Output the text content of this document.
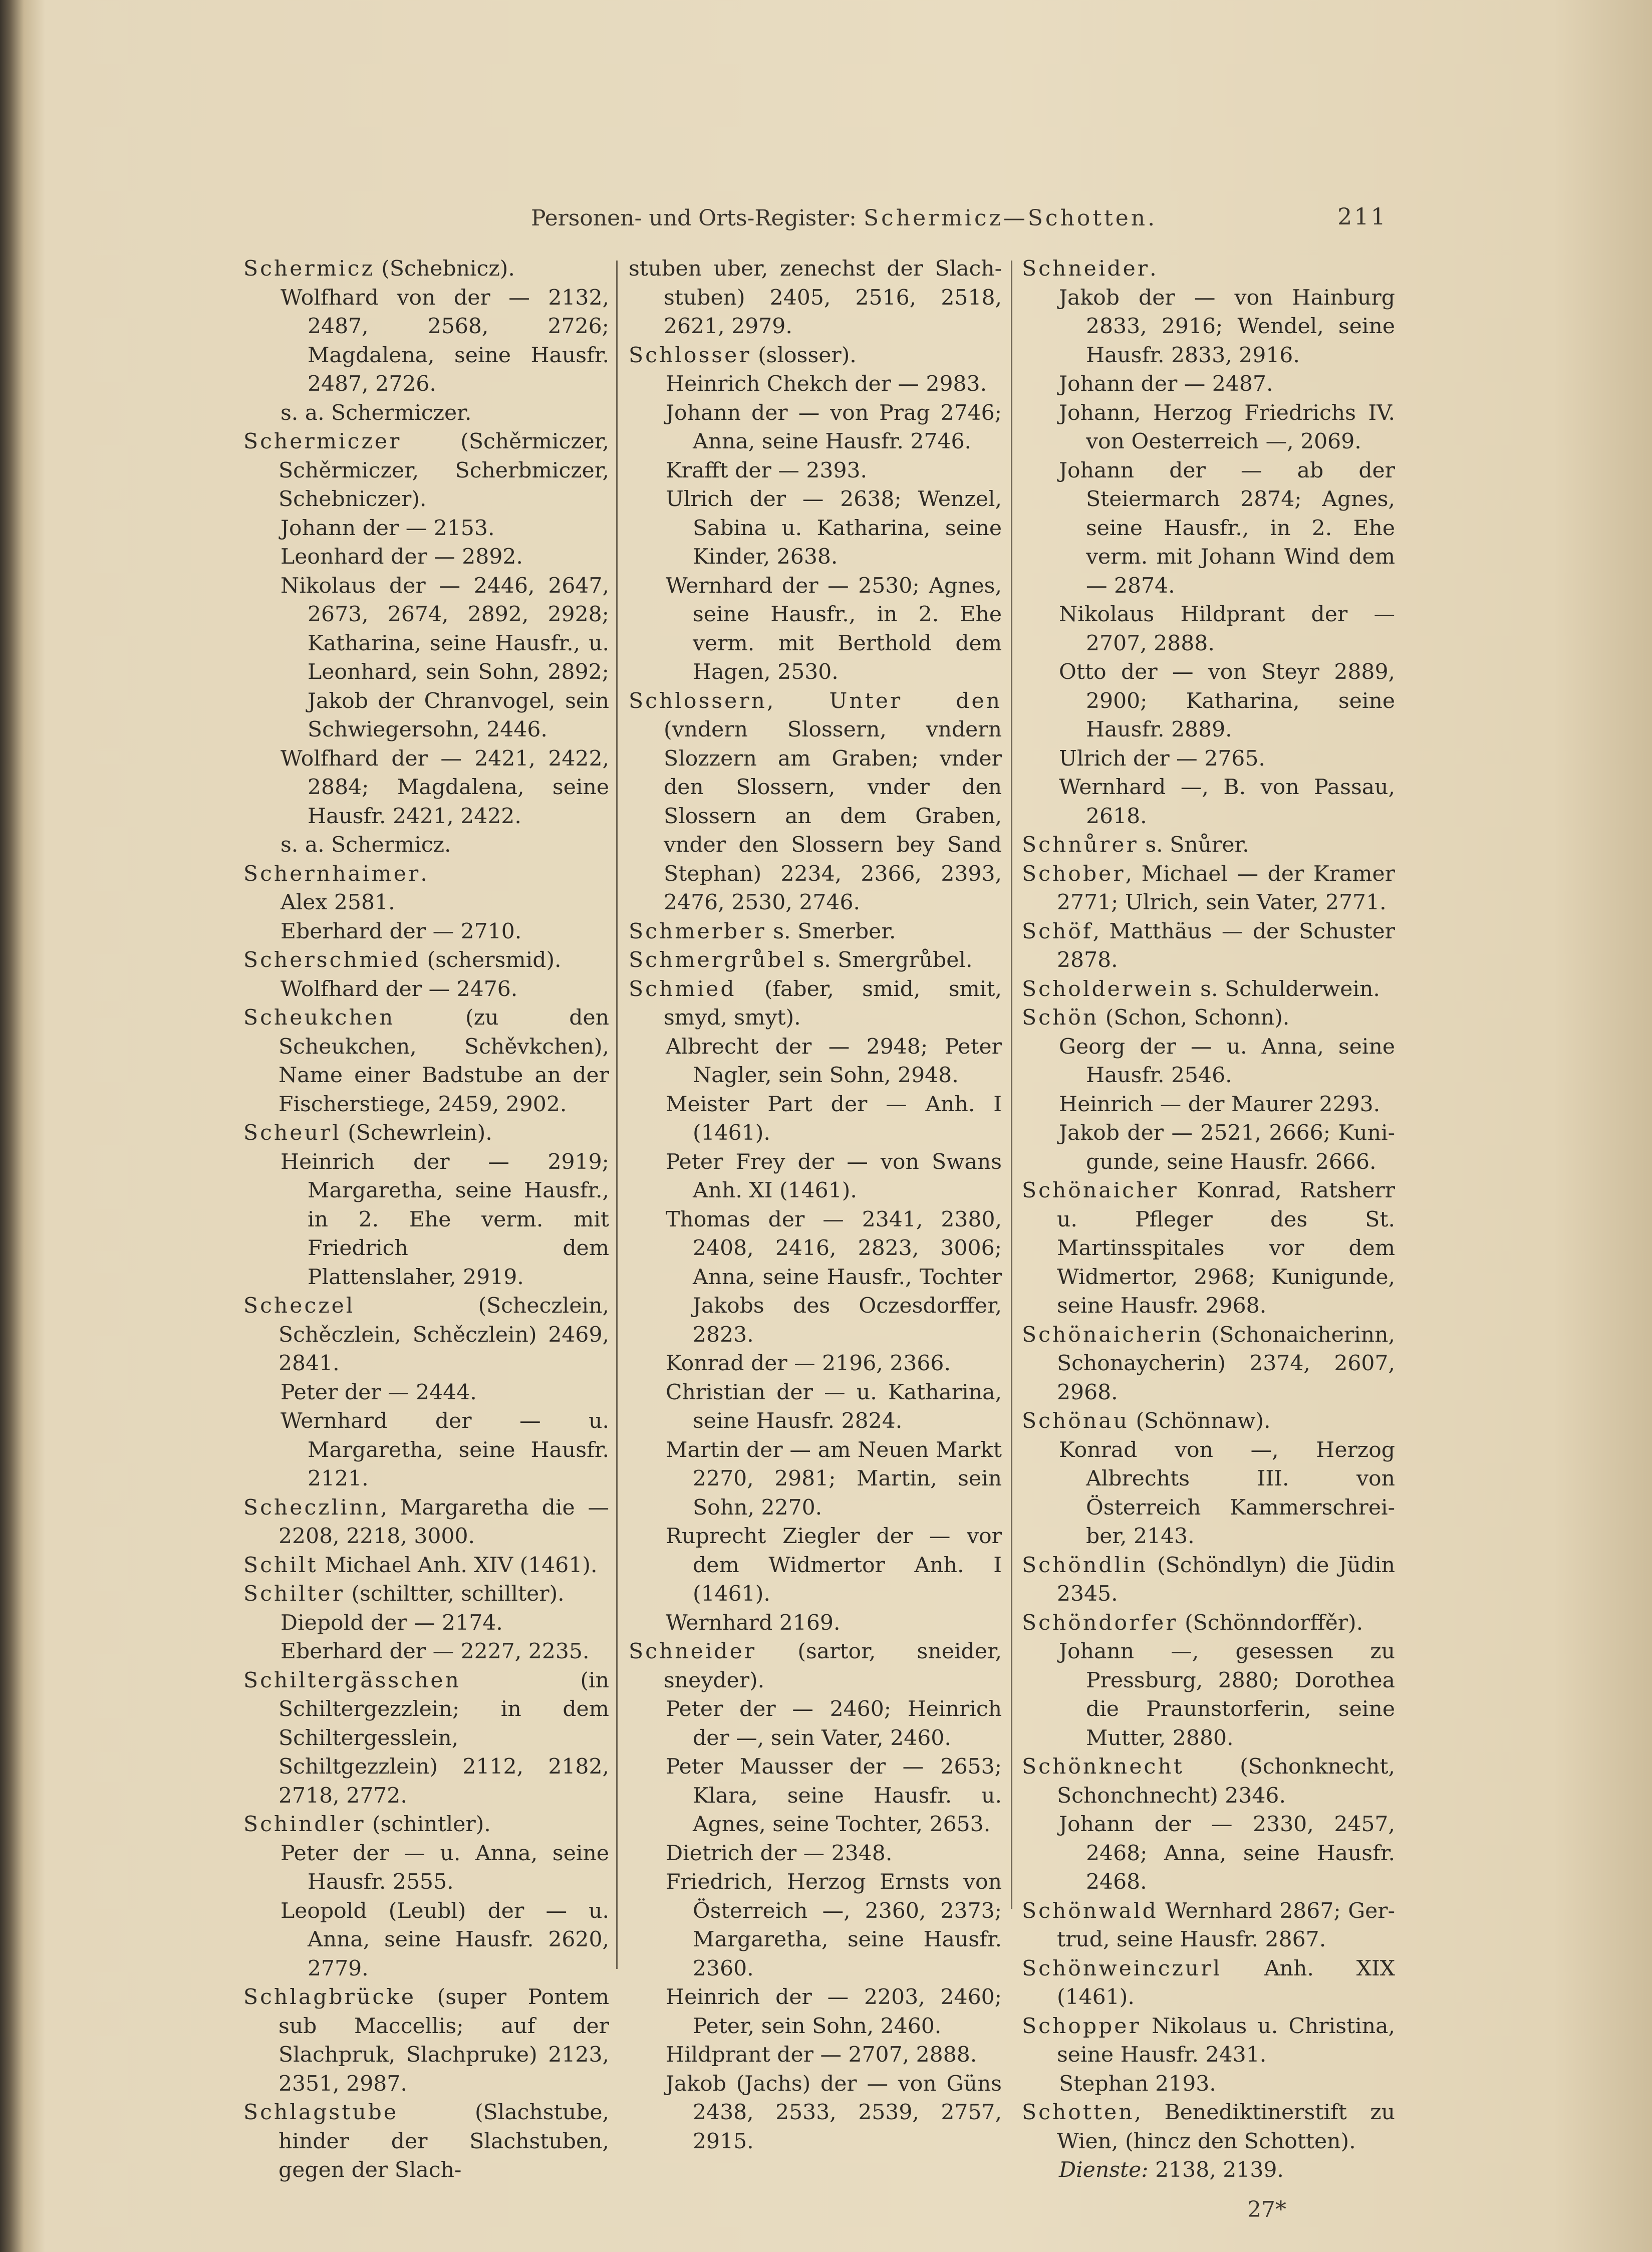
Personen- und Orts-Register: Schermicz—Schotten.	211

Schermicz (Schebnicz).

Wolfhard von der — 2132, 2487, 2568, 2726; Magdalena, seine Hausfr. 2487, 2726.

s. a. Schermiczer.

Schermiczer (Schěrmiczer, Schěrmiczer, Scherbmiczer, Schebniczer).

Johann der — 2153.

Leonhard der — 2892.

Nikolaus der — 2446, 2647, 2673, 2674, 2892, 2928; Katharina, seine Hausfr., u. Leonhard, sein Sohn, 2892; Jakob der Chranvogel, sein Schwiegersohn, 2446.

Wolfhard der — 2421, 2422, 2884; Magdalena, seine Hausfr. 2421, 2422.

s. a. Schermicz.

Schernhaimer.

Alex 2581.

Eberhard der — 2710.

Scherschmied (schersmid).

Wolfhard der — 2476.

Scheukchen (zu den Scheukchen, Schěvkchen), Name einer Badstube an der Fischerstiege, 2459, 2902.

Scheurl (Schewrlein).

Heinrich der — 2919; Margaretha, seine Hausfr., in 2. Ehe verm. mit Friedrich dem Plattenslaher, 2919.

Scheczel (Scheczlein, Schěczlein, Schěczlein) 2469, 2841.

Peter der — 2444.

Wernhard der — u. Margaretha, seine Hausfr. 2121.

Scheczlinn, Margaretha die — 2208, 2218, 3000.

Schilt Michael Anh. XIV (1461).

Schilter (schiltter, schillter).

Diepold der — 2174.

Eberhard der — 2227, 2235.

Schiltergässchen (in Schiltergezzlein; in dem Schiltergesslein, Schiltgezzlein) 2112, 2182, 2718, 2772.

Schindler (schintler).

Peter der — u. Anna, seine Hausfr. 2555.

Leopold (Leubl) der — u. Anna, seine Hausfr. 2620, 2779.

Schlagbrücke (super Pontem sub Maccellis; auf der Slachpruk, Slachpruke) 2123, 2351, 2987.

Schlagstube (Slachstube, hinder der Slachstuben, gegen der Slach-

stuben uber, zenechst der Slachstuben) 2405, 2516, 2518, 2621, 2979.

Schlosser (slosser).

Heinrich Chekch der — 2983.

Johann der — von Prag 2746; Anna, seine Hausfr. 2746.

Krafft der — 2393.

Ulrich der — 2638; Wenzel, Sabina u. Katharina, seine Kinder, 2638.

Wernhard der — 2530; Agnes, seine Hausfr., in 2. Ehe verm. mit Berthold dem Hagen, 2530.

Schlossern, Unter den (vndern Slossern, vndern Slozzern am Graben; vnder den Slossern, vnder den Slossern an dem Graben, vnder den Slossern bey Sand Stephan) 2234, 2366, 2393, 2476, 2530, 2746.

Schmerber s. Smerber.

Schmergrůbel s. Smergrůbel.

Schmied (faber, smid, smit, smyd, smyt).

Albrecht der — 2948; Peter Nagler, sein Sohn, 2948.

Meister Part der — Anh. I (1461).

Peter Frey der — von Swans Anh. XI (1461).

Thomas der — 2341, 2380, 2408, 2416, 2823, 3006; Anna, seine Hausfr., Tochter Jakobs des Oczesdorffer, 2823.

Konrad der — 2196, 2366.

Christian der — u. Katharina, seine Hausfr. 2824.

Martin der — am Neuen Markt 2270, 2981; Martin, sein Sohn, 2270.

Ruprecht Ziegler der — vor dem Widmertor Anh. I (1461).

Wernhard 2169.

Schneider (sartor, sneider, sneyder).

Peter der — 2460; Heinrich der —, sein Vater, 2460.

Peter Mausser der — 2653; Klara, seine Hausfr. u. Agnes, seine Tochter, 2653.

Dietrich der — 2348.

Friedrich, Herzog Ernsts von Österreich —, 2360, 2373; Margaretha, seine Hausfr. 2360.

Heinrich der — 2203, 2460; Peter, sein Sohn, 2460.

Hildprant der — 2707, 2888.

Jakob (Jachs) der — von Güns 2438, 2533, 2539, 2757, 2915.

Schneider.

Jakob der — von Hainburg 2833, 2916; Wendel, seine Hausfr. 2833, 2916.

Johann der — 2487.

Johann, Herzog Friedrichs IV. von Oesterreich —, 2069.

Johann der — ab der Steiermarch 2874; Agnes, seine Hausfr., in 2. Ehe verm. mit Johann Wind dem — 2874.

Nikolaus Hildprant der — 2707, 2888.

Otto der — von Steyr 2889, 2900; Katharina, seine Hausfr. 2889.

Ulrich der — 2765.

Wernhard —, B. von Passau, 2618.

Schnůrer s. Snůrer.

Schober, Michael — der Kramer 2771; Ulrich, sein Vater, 2771.

Schöf, Matthäus — der Schuster 2878.

Scholderwein s. Schulderwein.

Schön (Schon, Schonn).

Georg der — u. Anna, seine Hausfr. 2546.

Heinrich — der Maurer 2293.

Jakob der — 2521, 2666; Kunigunde, seine Hausfr. 2666.

Schönaicher Konrad, Ratsherr u. Pfleger des St. Martinsspitales vor dem Widmertor, 2968; Kunigunde, seine Hausfr. 2968.

Schönaicherin (Schonaicherinn, Schonaycherin) 2374, 2607, 2968.

Schönau (Schönnaw).

Konrad von —, Herzog Albrechts III. von Österreich Kammerschreiber, 2143.

Schöndlin (Schöndlyn) die Jüdin 2345.

Schöndorfer (Schönndorffěr).

Johann —, gesessen zu Pressburg, 2880; Dorothea die Praunstorferin, seine Mutter, 2880.

Schönknecht (Schonknecht, Schonchnecht) 2346.

Johann der — 2330, 2457, 2468; Anna, seine Hausfr. 2468.

Schönwald Wernhard 2867; Gertrud, seine Hausfr. 2867.

Schönweinczurl Anh. XIX (1461).

Schopper Nikolaus u. Christina, seine Hausfr. 2431.

Stephan 2193.

Schotten, Benediktinerstift zu Wien, (hincz den Schotten).

Dienste: 2138, 2139.

27*
